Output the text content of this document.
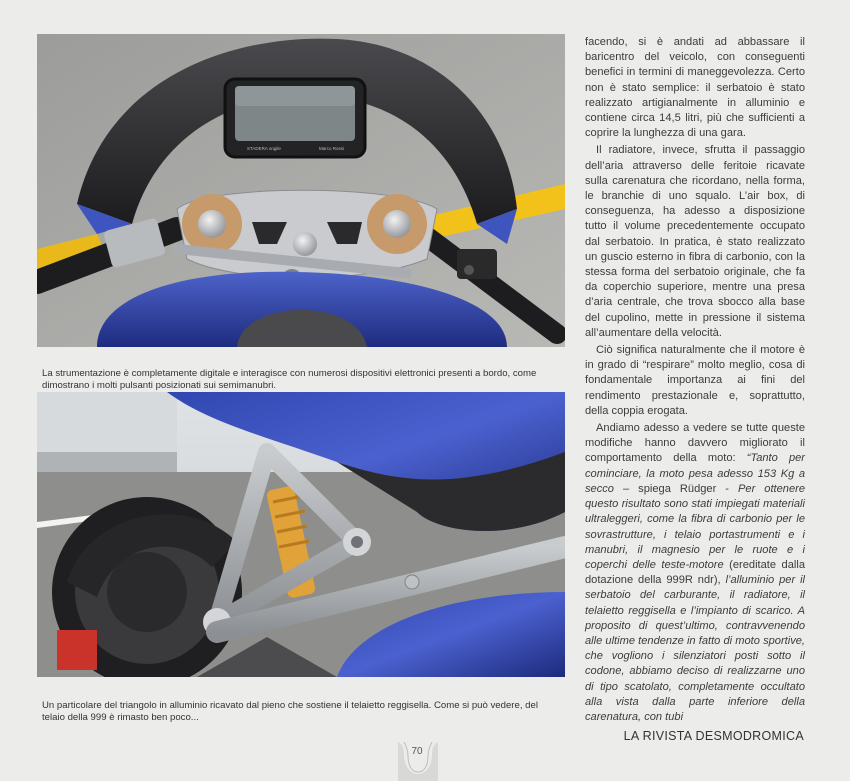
STADERA ongile	Marco Rossi

La strumentazione è completamente digitale e interagisce con numerosi dispositivi elettronici presenti a bordo, come dimostrano i molti pulsanti posizionati sui semimanubri.

Un particolare del triangolo in alluminio ricavato dal pieno che sostiene il telaietto reggisella. Come si può vedere, del telaio della 999 è rimasto ben poco...

facendo, si è andati ad abbassare il baricentro del veicolo, con conseguenti benefici in termini di maneggevolezza. Certo non è stato semplice: il serbatoio è stato realizzato artigianalmente in alluminio e contiene circa 14,5 litri, più che sufficienti a coprire la lunghezza di una gara.

Il radiatore, invece, sfrutta il passaggio dell’aria attraverso delle feritoie ricavate sulla carenatura che ricordano, nella forma, le branchie di uno squalo. L’air box, di conseguenza, ha adesso a disposizione tutto il volume precedentemente occupato dal serbatoio. In pratica, è stato realizzato un guscio esterno in fibra di carbonio, con la stessa forma del serbatoio originale, che fa da coperchio superiore, mentre una presa d’aria centrale, che trova sbocco alla base del cupolino, mette in pressione il sistema all’aumentare della velocità.

Ciò significa naturalmente che il motore è in grado di “respirare” molto meglio, cosa di fondamentale importanza ai fini del rendimento prestazionale e, soprattutto, della coppia erogata.

Andiamo adesso a vedere se tutte queste modifiche hanno davvero migliorato il comportamento della moto: “Tanto per cominciare, la moto pesa adesso 153 Kg a secco – spiega Rüdger - Per ottenere questo risultato sono stati impiegati materiali ultraleggeri, come la fibra di carbonio per le sovrastrutture, i telaio portastrumenti e i manubri, il magnesio per le ruote e i coperchi delle teste-motore (ereditate dalla dotazione della 999R ndr), l’alluminio per il serbatoio del carburante, il radiatore, il telaietto reggisella e l’impianto di scarico. A proposito di quest’ultimo, contravvenendo alle ultime tendenze in fatto di moto sportive, che vogliono i silenziatori posti sotto il codone, abbiamo deciso di realizzarne uno di tipo scatolato, completamente occultato alla vista dalla parte inferiore della carenatura, con tubi

LA RIVISTA DESMODROMICA
70
